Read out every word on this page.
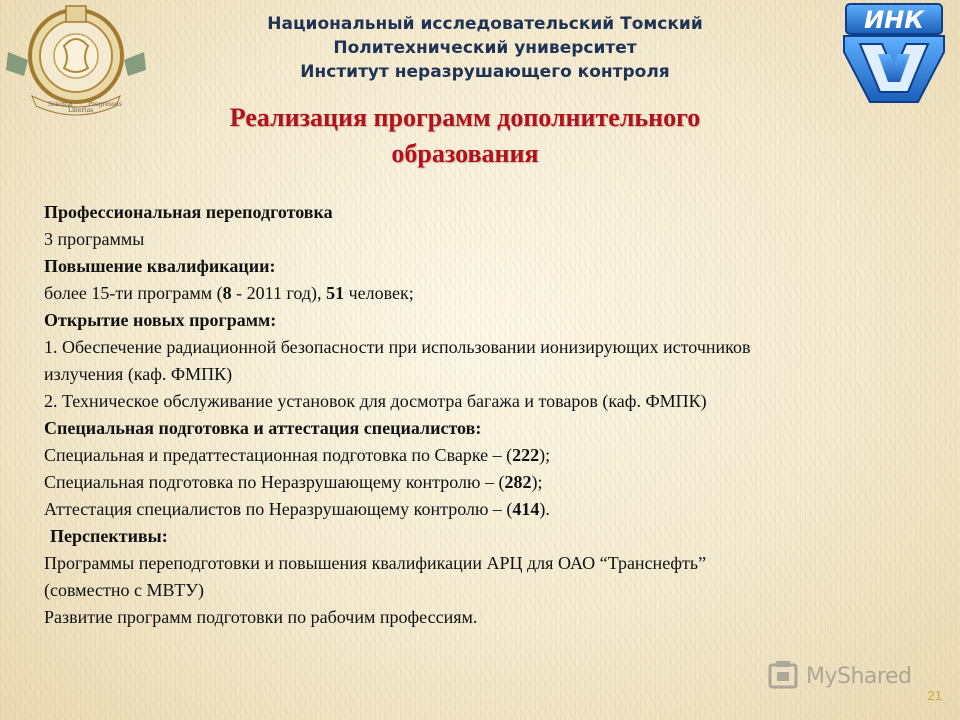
Scientia
Libertas
Progressus
Национальный исследовательский Томский
Политехнический университет
Институт неразрушающего контроля
ИНК
Реализация программ дополнительного
образования
Профессиональная переподготовка
3 программы
Повышение квалификации:
более 15-ти программ (8 - 2011 год), 51 человек;
Открытие новых программ:
1. Обеспечение радиационной безопасности при использовании ионизирующих источников
излучения (каф. ФМПК)
2. Техническое обслуживание установок для досмотра багажа и товаров (каф. ФМПК)
Специальная подготовка и аттестация специалистов:
Специальная и предаттестационная подготовка по Сварке – (222);
Специальная подготовка по Неразрушающему контролю – (282);
Аттестация специалистов по Неразрушающему контролю – (414).
Перспективы:
Программы переподготовки и повышения квалификации АРЦ для ОАО “Транснефть”
(совместно с МВТУ)
Развитие программ подготовки по рабочим профессиям.
MyShared
21
